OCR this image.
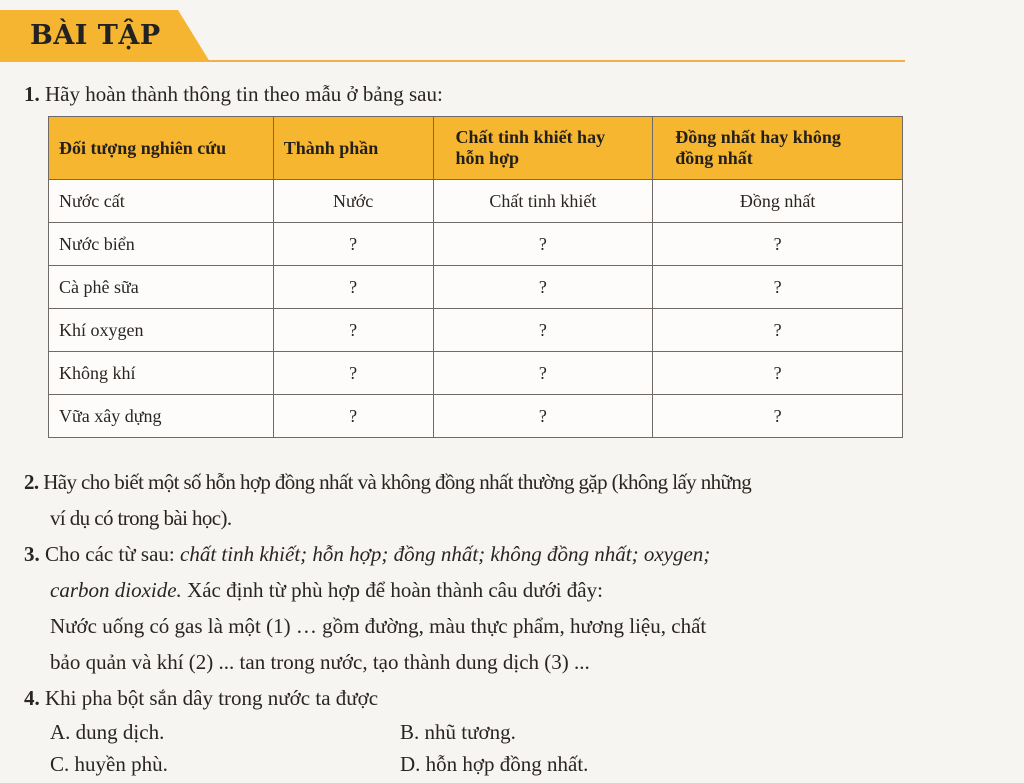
BÀI TẬP
1. Hãy hoàn thành thông tin theo mẫu ở bảng sau:
Đối tượng nghiên cứu	Thành phần	Chất tinh khiết hay hỗn hợp	Đồng nhất hay không đồng nhất
Nước cất	Nước	Chất tinh khiết	Đồng nhất
Nước biển	?	?	?
Cà phê sữa	?	?	?
Khí oxygen	?	?	?
Không khí	?	?	?
Vữa xây dựng	?	?	?
2. Hãy cho biết một số hỗn hợp đồng nhất và không đồng nhất thường gặp (không lấy những
ví dụ có trong bài học).
3. Cho các từ sau: chất tinh khiết; hỗn hợp; đồng nhất; không đồng nhất; oxygen;
carbon dioxide. Xác định từ phù hợp để hoàn thành câu dưới đây:
Nước uống có gas là một (1) … gồm đường, màu thực phẩm, hương liệu, chất
bảo quản và khí (2) ... tan trong nước, tạo thành dung dịch (3) ...
4. Khi pha bột sắn dây trong nước ta được
A. dung dịch.	B. nhũ tương.
C. huyền phù.	D. hỗn hợp đồng nhất.
